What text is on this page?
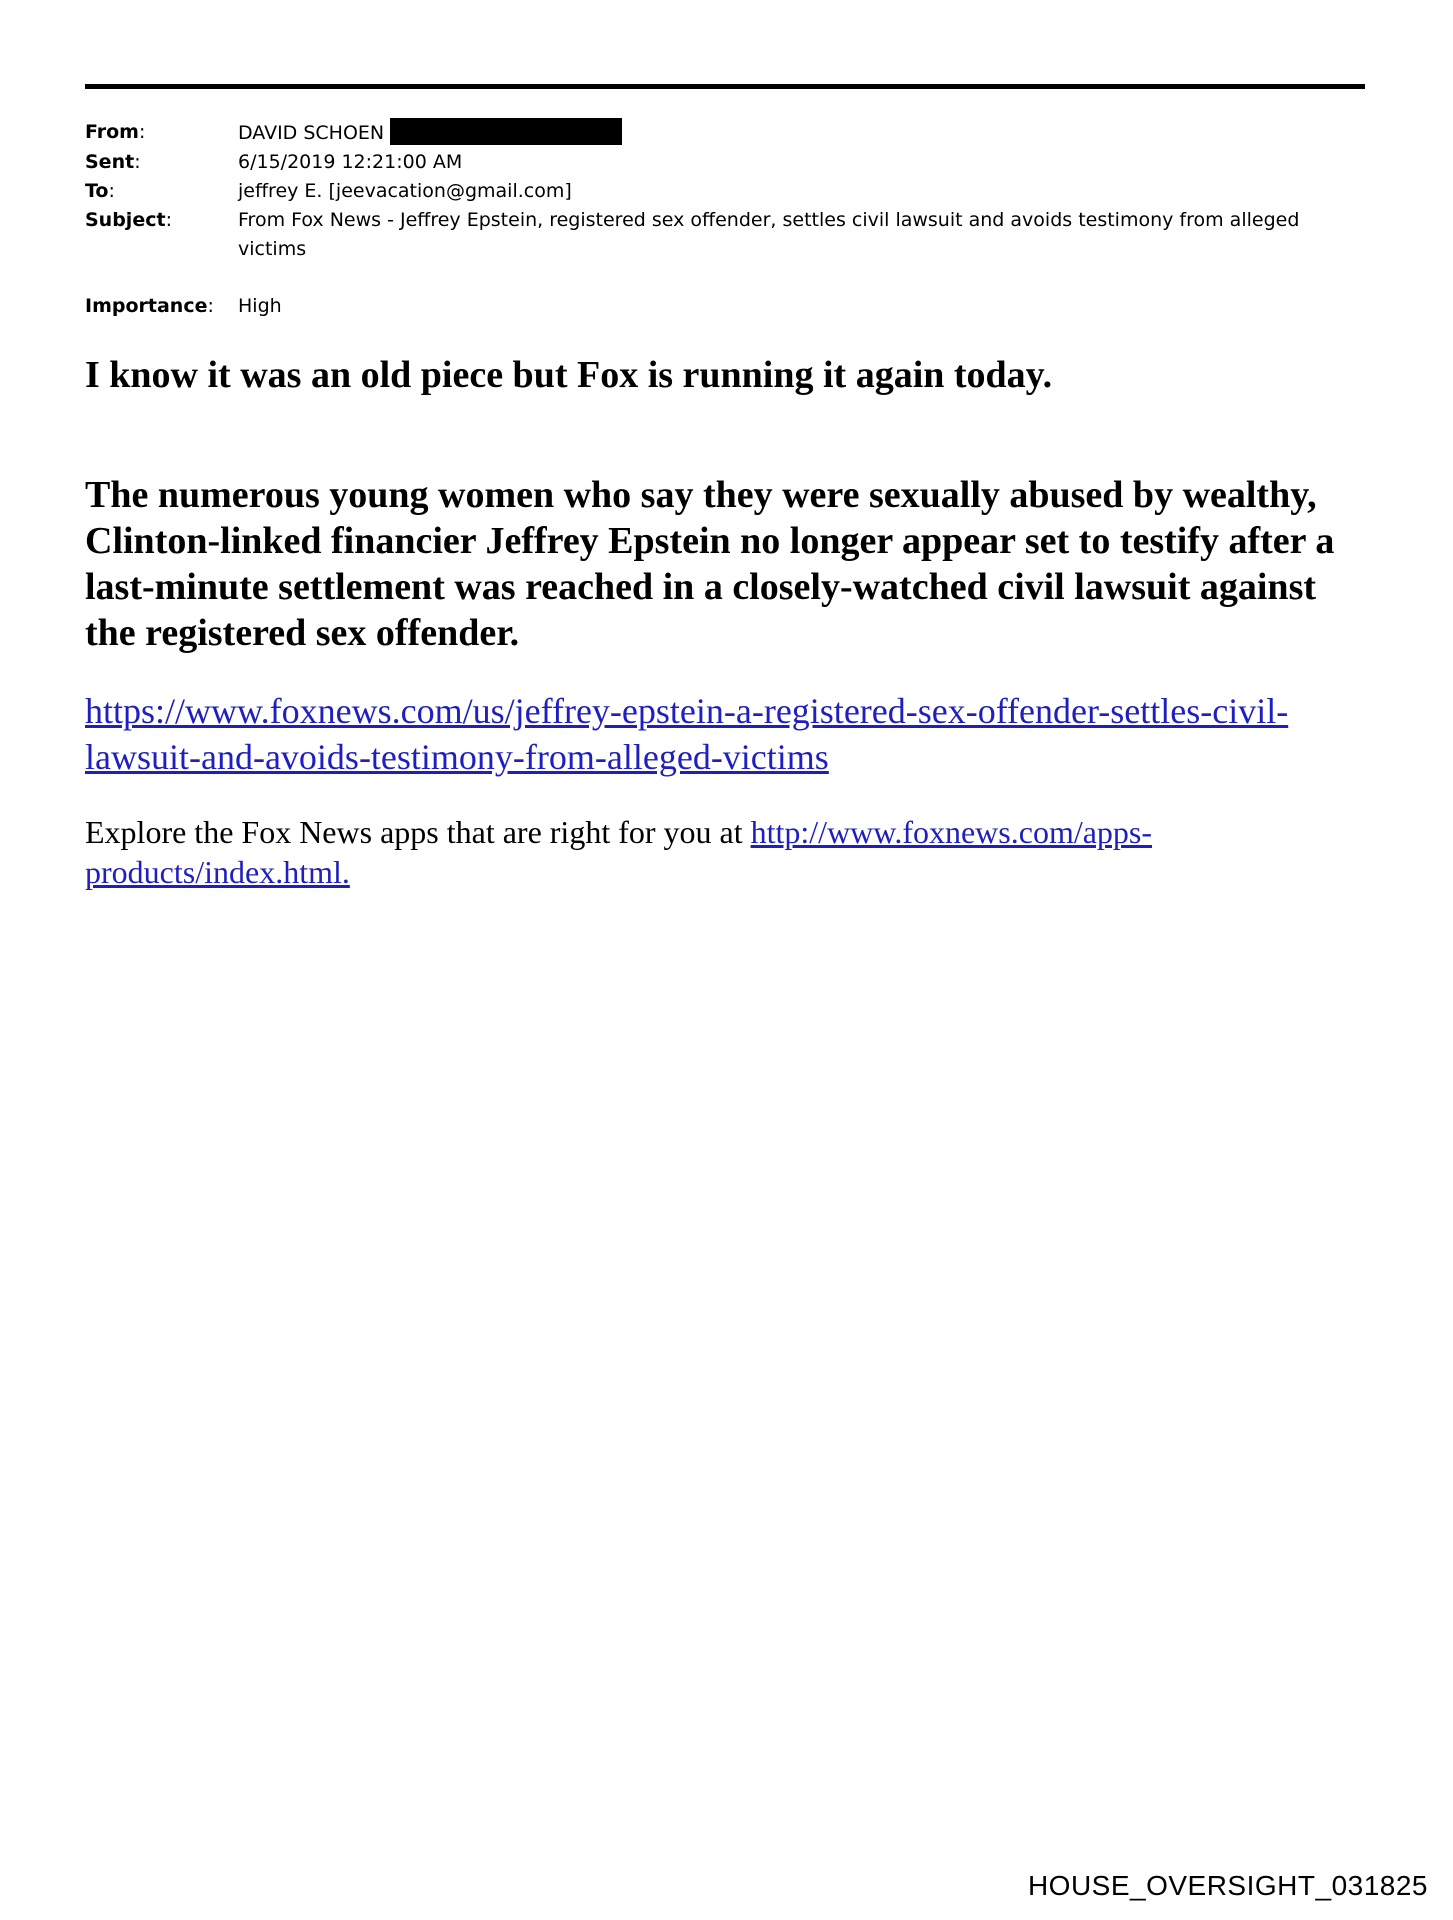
From:	DAVID SCHOEN
Sent:	6/15/2019 12:21:00 AM
To:	jeffrey E. [jeevacation@gmail.com]
Subject:	From Fox News - Jeffrey Epstein, registered sex offender, settles civil lawsuit and avoids testimony from alleged victims
Importance:	High
I know it was an old piece but Fox is running it again today.
The numerous young women who say they were sexually abused by wealthy, Clinton-linked financier Jeffrey Epstein no longer appear set to testify after a last-minute settlement was reached in a closely-watched civil lawsuit against the registered sex offender.
https://www.foxnews.com/us/jeffrey-epstein-a-registered-sex-offender-settles-civil-lawsuit-and-avoids-testimony-from-alleged-victims
Explore the Fox News apps that are right for you at http://www.foxnews.com/apps-products/index.html.
HOUSE_OVERSIGHT_031825
